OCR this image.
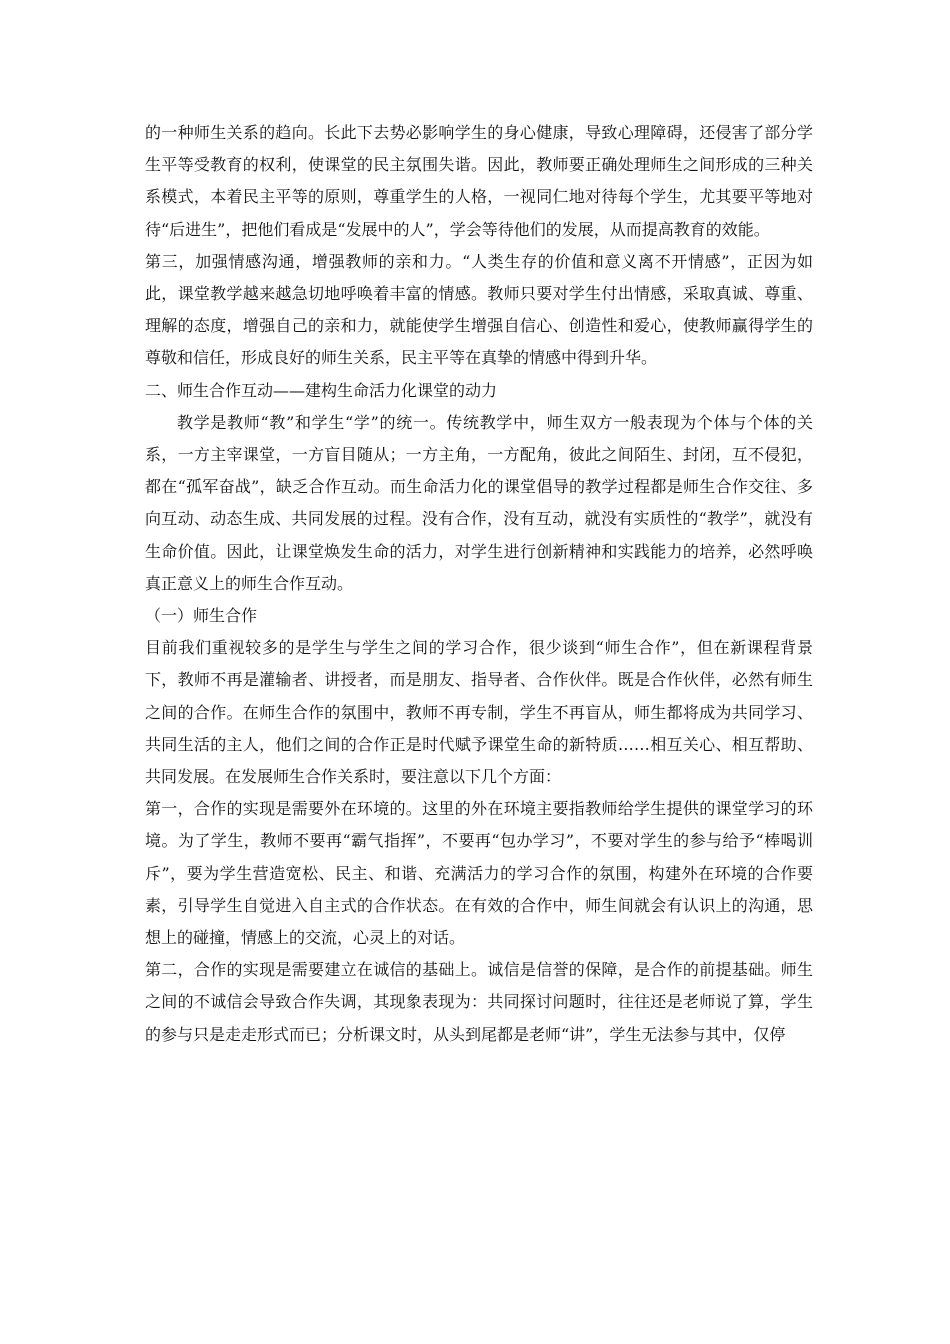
的一种师生关系的趋向。长此下去势必影响学生的身心健康，导致心理障碍，还侵害了部分学生平等受教育的权利，使课堂的民主氛围失谐。因此，教师要正确处理师生之间形成的三种关系模式，本着民主平等的原则，尊重学生的人格，一视同仁地对待每个学生，尤其要平等地对待“后进生”，把他们看成是“发展中的人”，学会等待他们的发展，从而提高教育的效能。

第三，加强情感沟通，增强教师的亲和力。“人类生存的价值和意义离不开情感”，正因为如此，课堂教学越来越急切地呼唤着丰富的情感。教师只要对学生付出情感，采取真诚、尊重、理解的态度，增强自己的亲和力，就能使学生增强自信心、创造性和爱心，使教师赢得学生的尊敬和信任，形成良好的师生关系，民主平等在真挚的情感中得到升华。

二、师生合作互动——建构生命活力化课堂的动力

教学是教师“教”和学生“学”的统一。传统教学中，师生双方一般表现为个体与个体的关系，一方主宰课堂，一方盲目随从；一方主角，一方配角，彼此之间陌生、封闭，互不侵犯，都在“孤军奋战”，缺乏合作互动。而生命活力化的课堂倡导的教学过程都是师生合作交往、多向互动、动态生成、共同发展的过程。没有合作，没有互动，就没有实质性的“教学”，就没有生命价值。因此，让课堂焕发生命的活力，对学生进行创新精神和实践能力的培养，必然呼唤真正意义上的师生合作互动。

（一）师生合作

目前我们重视较多的是学生与学生之间的学习合作，很少谈到“师生合作”，但在新课程背景下，教师不再是灌输者、讲授者，而是朋友、指导者、合作伙伴。既是合作伙伴，必然有师生之间的合作。在师生合作的氛围中，教师不再专制，学生不再盲从，师生都将成为共同学习、共同生活的主人，他们之间的合作正是时代赋予课堂生命的新特质……相互关心、相互帮助、共同发展。在发展师生合作关系时，要注意以下几个方面：

第一，合作的实现是需要外在环境的。这里的外在环境主要指教师给学生提供的课堂学习的环境。为了学生，教师不要再“霸气指挥”，不要再“包办学习”，不要对学生的参与给予“棒喝训斥”，要为学生营造宽松、民主、和谐、充满活力的学习合作的氛围，构建外在环境的合作要素，引导学生自觉进入自主式的合作状态。在有效的合作中，师生间就会有认识上的沟通，思想上的碰撞，情感上的交流，心灵上的对话。

第二，合作的实现是需要建立在诚信的基础上。诚信是信誉的保障，是合作的前提基础。师生之间的不诚信会导致合作失调，其现象表现为：共同探讨问题时，往往还是老师说了算，学生的参与只是走走形式而已；分析课文时，从头到尾都是老师“讲”，学生无法参与其中，仅停
